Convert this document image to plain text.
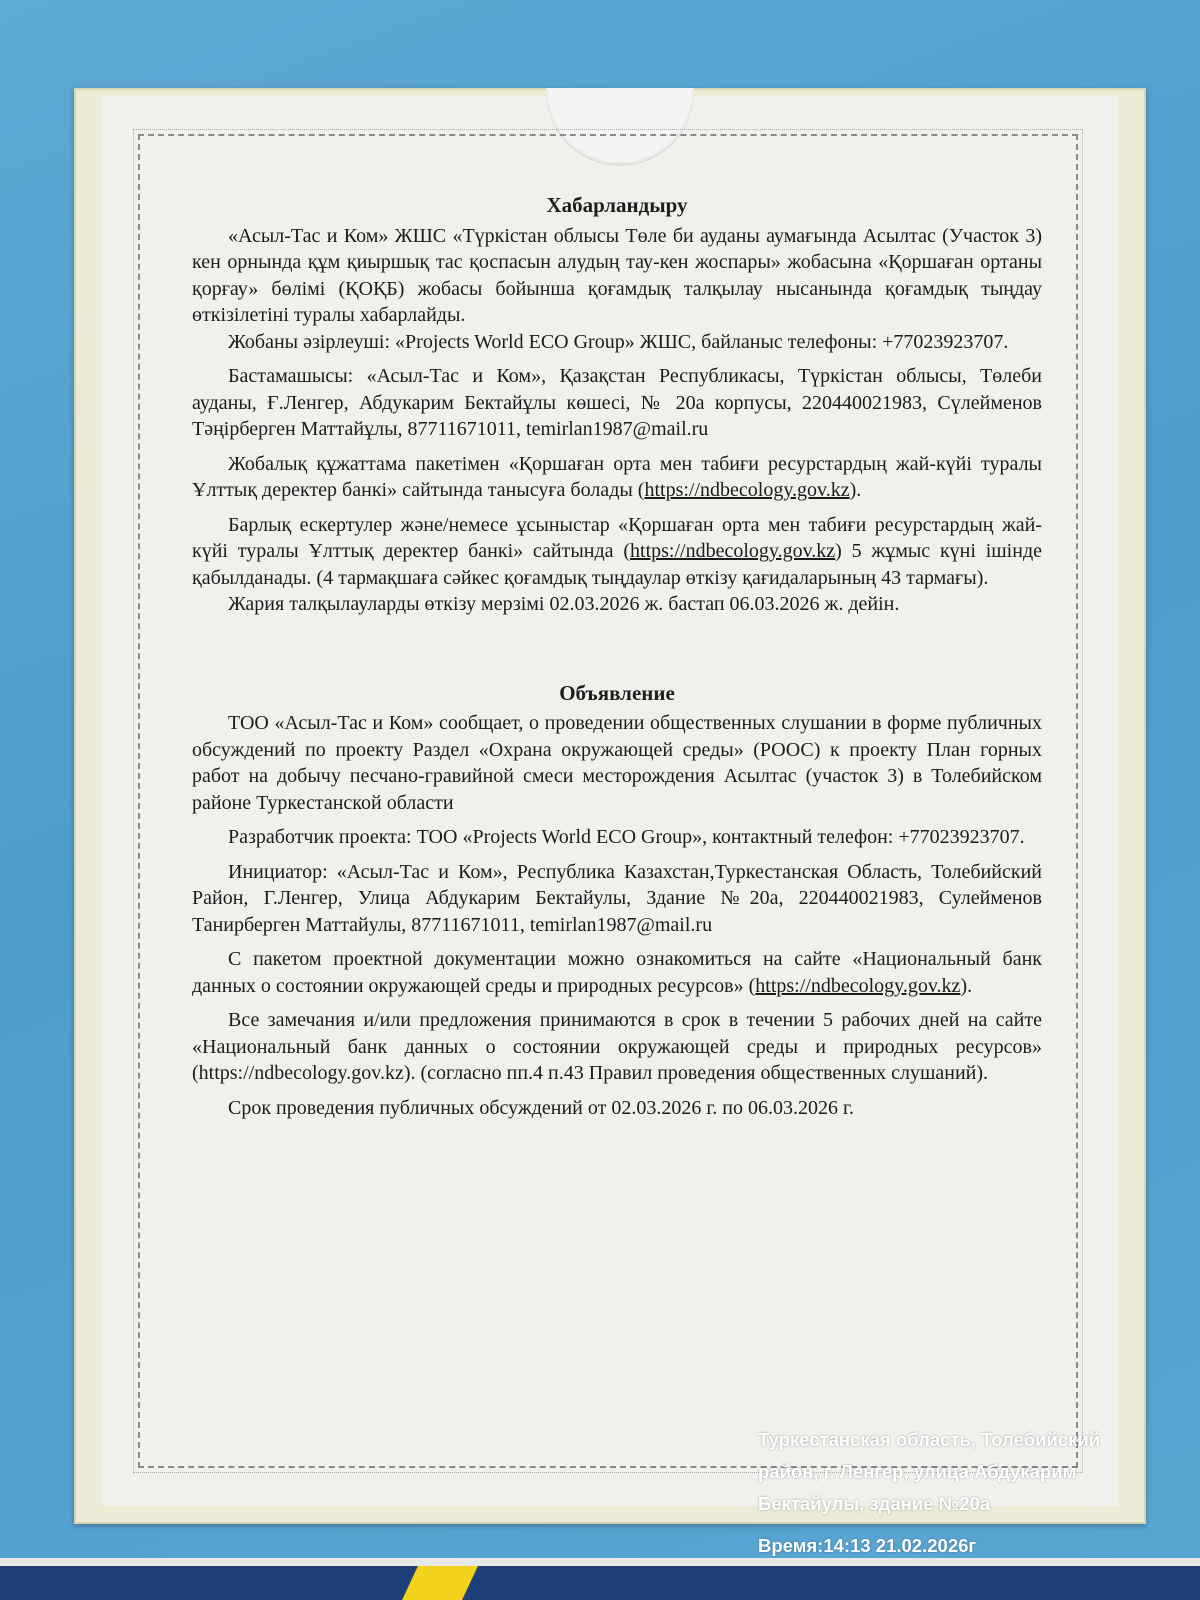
Хабарландыру

«Асыл-Тас и Ком» ЖШС «Түркістан облысы Төле би ауданы аумағында Асылтас (Участок 3) кен орнында құм қиыршық тас қоспасын алудың тау-кен жоспары» жобасына «Қоршаған ортаны қорғау» бөлімі (ҚОҚБ) жобасы бойынша қоғамдық талқылау нысанында қоғамдық тыңдау өткізілетіні туралы хабарлайды.

Жобаны әзірлеуші: «Projects World ECO Group» ЖШС, байланыс телефоны: +77023923707.

Бастамашысы: «Асыл-Тас и Ком», Қазақстан Республикасы, Түркістан облысы, Төлеби ауданы, Ғ.Ленгер, Абдукарим Бектайұлы көшесі, № 20а корпусы, 220440021983, Сүлейменов Тәңірберген Маттайұлы, 87711671011, temirlan1987@mail.ru

Жобалық құжаттама пакетімен «Қоршаған орта мен табиғи ресурстардың жай-күйі туралы Ұлттық деректер банкі» сайтында танысуға болады (https://ndbecology.gov.kz).

Барлық ескертулер және/немесе ұсыныстар «Қоршаған орта мен табиғи ресурстардың жай-күйі туралы Ұлттық деректер банкі» сайтында (https://ndbecology.gov.kz) 5 жұмыс күні ішінде қабылданады. (4 тармақшаға сәйкес қоғамдық тыңдаулар өткізу қағидаларының 43 тармағы).

Жария талқылауларды өткізу мерзімі 02.03.2026 ж. бастап 06.03.2026 ж. дейін.

Объявление

ТОО «Асыл-Тас и Ком» сообщает, о проведении общественных слушании в форме публичных обсуждений по проекту Раздел «Охрана окружающей среды» (РООС) к проекту План горных работ на добычу песчано-гравийной смеси месторождения Асылтас (участок 3) в Толебийском районе Туркестанской области

Разработчик проекта: ТОО «Projects World ECO Group», контактный телефон: +77023923707.

Инициатор: «Асыл-Тас и Ком», Республика Казахстан,Туркестанская Область, Толебийский Район, Г.Ленгер, Улица Абдукарим Бектайулы, Здание №20а, 220440021983, Сулейменов Танирберген Маттайулы, 87711671011, temirlan1987@mail.ru

С пакетом проектной документации можно ознакомиться на сайте «Национальный банк данных о состоянии окружающей среды и природных ресурсов» (https://ndbecology.gov.kz).

Все замечания и/или предложения принимаются в срок в течении 5 рабочих дней на сайте «Национальный банк данных о состоянии окружающей среды и природных ресурсов» (https://ndbecology.gov.kz). (согласно пп.4 п.43 Правил проведения общественных слушаний).

Срок проведения публичных обсуждений от 02.03.2026 г. по 06.03.2026 г.

Туркестанская область, Толебийский
район, г. Ленгер, улица Абдукарим
Бектайулы, здание №20а
Время:14:13 21.02.2026г
